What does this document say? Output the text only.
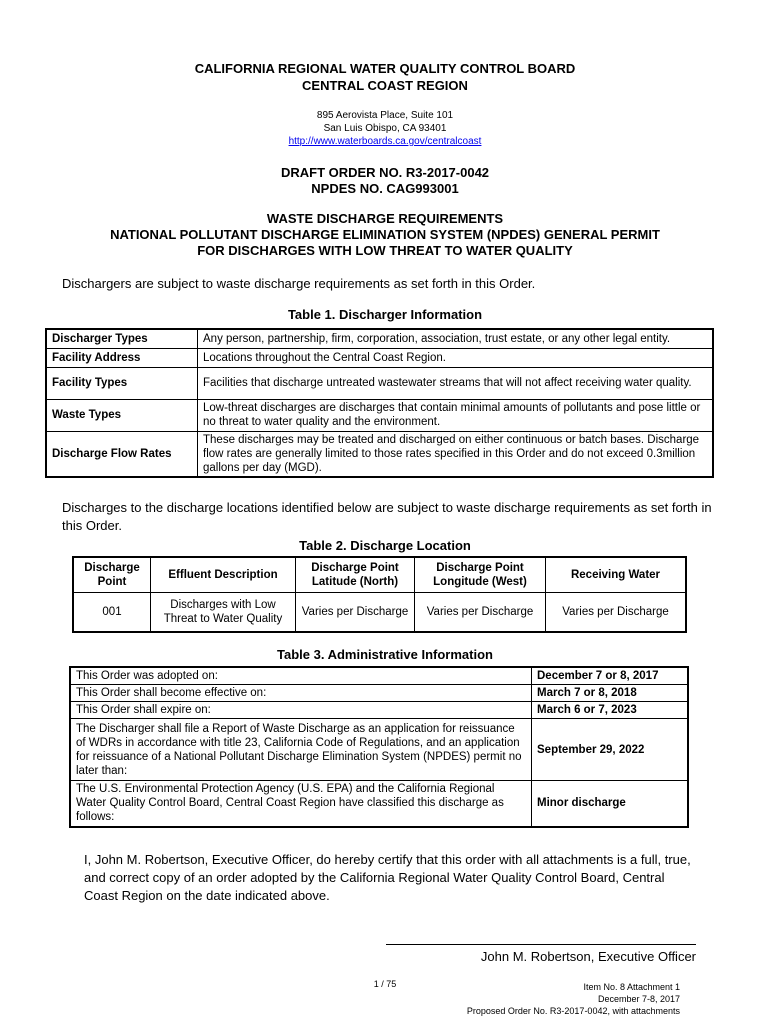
CALIFORNIA REGIONAL WATER QUALITY CONTROL BOARD
CENTRAL COAST REGION
895 Aerovista Place, Suite 101
San Luis Obispo, CA 93401
http://www.waterboards.ca.gov/centralcoast
DRAFT ORDER NO. R3-2017-0042
NPDES NO. CAG993001
WASTE DISCHARGE REQUIREMENTS
NATIONAL POLLUTANT DISCHARGE ELIMINATION SYSTEM (NPDES) GENERAL PERMIT
FOR DISCHARGES WITH LOW THREAT TO WATER QUALITY
Dischargers are subject to waste discharge requirements as set forth in this Order.
Table 1. Discharger Information
Discharger Types	Any person, partnership, firm, corporation, association, trust estate, or any other legal entity.
Facility Address	Locations throughout the Central Coast Region.
Facility Types	Facilities that discharge untreated wastewater streams that will not affect receiving water quality.
Waste Types	Low-threat discharges are discharges that contain minimal amounts of pollutants and pose little or no threat to water quality and the environment.
Discharge Flow Rates	These discharges may be treated and discharged on either continuous or batch bases. Discharge flow rates are generally limited to those rates specified in this Order and do not exceed 0.3million gallons per day (MGD).
Discharges to the discharge locations identified below are subject to waste discharge requirements as set forth in this Order.
Table 2. Discharge Location
Discharge Point	Effluent Description	Discharge Point Latitude (North)	Discharge Point Longitude (West)	Receiving Water
001	Discharges with Low Threat to Water Quality	Varies per Discharge	Varies per Discharge	Varies per Discharge
Table 3. Administrative Information
This Order was adopted on:	December 7 or 8, 2017
This Order shall become effective on:	March 7 or 8, 2018
This Order shall expire on:	March 6 or 7, 2023
The Discharger shall file a Report of Waste Discharge as an application for reissuance of WDRs in accordance with title 23, California Code of Regulations, and an application for reissuance of a National Pollutant Discharge Elimination System (NPDES) permit no later than:	September 29, 2022
The U.S. Environmental Protection Agency (U.S. EPA) and the California Regional Water Quality Control Board, Central Coast Region have classified this discharge as follows:	Minor discharge
I, John M. Robertson, Executive Officer, do hereby certify that this order with all attachments is a full, true, and correct copy of an order adopted by the California Regional Water Quality Control Board, Central Coast Region on the date indicated above.
John M. Robertson, Executive Officer
1 / 75	Item No. 8 Attachment 1
December 7-8, 2017
Proposed Order No. R3-2017-0042, with attachments
